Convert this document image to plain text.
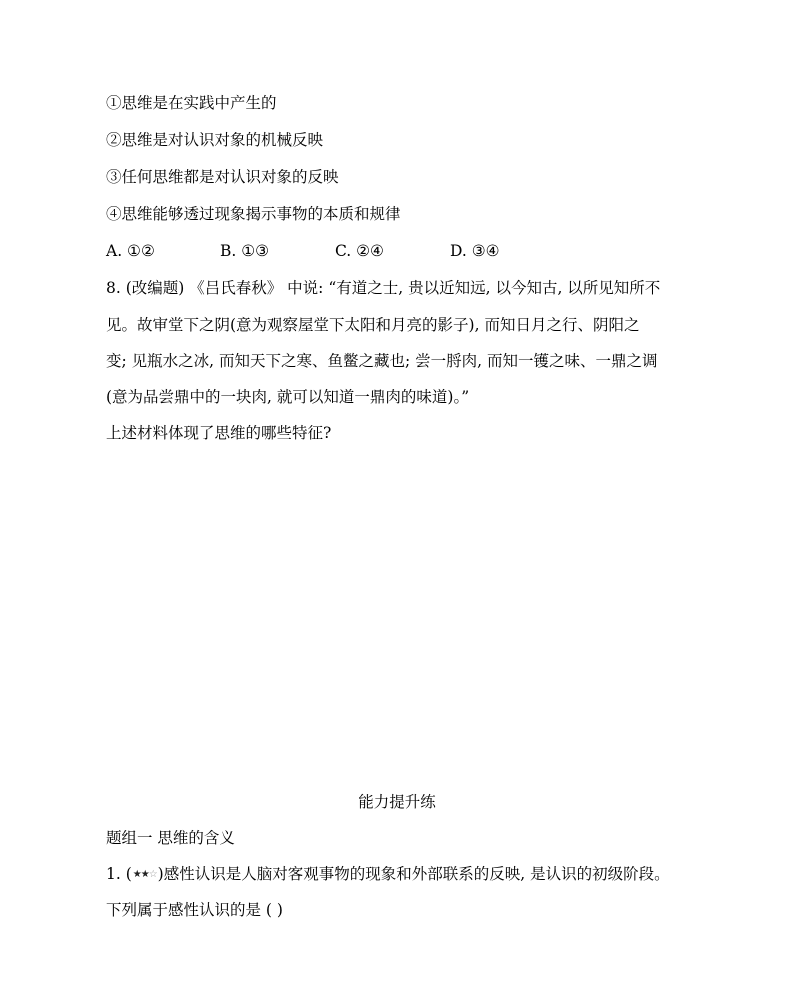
①思维是在实践中产生的
②思维是对认识对象的机械反映
③任何思维都是对认识对象的反映
④思维能够透过现象揭示事物的本质和规律
A. ①②	B. ①③	C. ②④	D. ③④
8. (改编题) 《吕氏春秋》 中说: “有道之士, 贵以近知远, 以今知古, 以所见知所不
见。故审堂下之阴(意为观察屋堂下太阳和月亮的影子), 而知日月之行、阴阳之
变; 见瓶水之冰, 而知天下之寒、鱼鳖之藏也; 尝一脟肉, 而知一镬之味、一鼎之调
(意为品尝鼎中的一块肉, 就可以知道一鼎肉的味道)。”
上述材料体现了思维的哪些特征?
能力提升练
题组一 思维的含义
1. (★★☆)感性认识是人脑对客观事物的现象和外部联系的反映, 是认识的初级阶段。
下列属于感性认识的是 ( )
